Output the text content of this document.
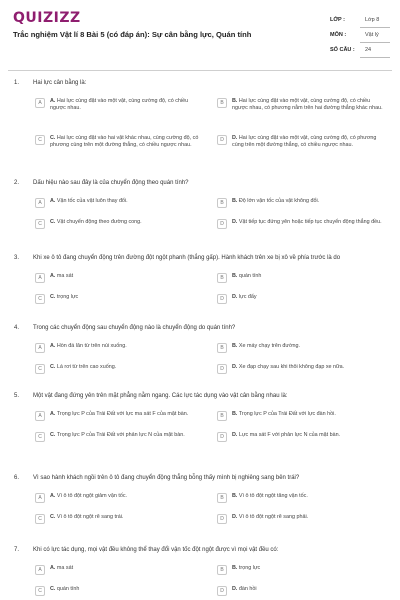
QUIZIZZ
Trắc nghiệm Vật lí 8 Bài 5 (có đáp án): Sự cân bằng lực, Quán tính
LỚP :	Lớp 8
MÔN :	Vật lý
SỐ CÂU : 24
1. Hai lực cân bằng là:
A	A. Hai lực cùng đặt vào một vật, cùng cường độ, có chiều ngược nhau.
B	B. Hai lực cùng đặt vào một vật, cùng cường độ, có chiều ngược nhau, có phương nằm trên hai đường thẳng khác nhau.
C	C. Hai lực cùng đặt vào hai vật khác nhau, cùng cường độ, có phương cùng trên một đường thẳng, có chiều ngược nhau.
D	D. Hai lực cùng đặt vào một vật, cùng cường độ, có phương cùng trên một đường thẳng, có chiều ngược nhau.
2. Dấu hiệu nào sau đây là của chuyển động theo quán tính?
A	A. Vận tốc của vật luôn thay đổi.	B	B. Độ lớn vận tốc của vật không đổi.
C	C. Vật chuyển động theo đường cong.	D	D. Vật tiếp tục đứng yên hoặc tiếp tục chuyển động thẳng đều.
3. Khi xe ô tô đang chuyển động trên đường đột ngột phanh (thắng gấp). Hành khách trên xe bị xô về phía trước là do
A	A. ma sát	B	B. quán tính
C	C. trọng lực	D	D. lực đẩy
4. Trong các chuyển động sau chuyển động nào là chuyển động do quán tính?
A	A. Hòn đá lăn từ trên núi xuống.	B	B. Xe máy chạy trên đường.
C	C. Lá rơi từ trên cao xuống.	D	D. Xe đạp chạy sau khi thôi không đạp xe nữa.
5. Một vật đang đứng yên trên mặt phẳng nằm ngang. Các lực tác dụng vào vật cân bằng nhau là:
A	A. Trọng lực P của Trái Đất với lực ma sát F của mặt bàn.	B	B. Trọng lực P của Trái Đất với lực đàn hồi.
C	C. Trọng lực P của Trái Đất với phản lực N của mặt bàn.	D	D. Lực ma sát F với phản lực N của mặt bàn.
6. Vì sao hành khách ngồi trên ô tô đang chuyển động thẳng bỗng thấy mình bị nghiêng sang bên trái?
A	A. Vì ô tô đột ngột giảm vận tốc.	B	B. Vì ô tô đột ngột tăng vận tốc.
C	C. Vì ô tô đột ngột rẽ sang trái.	D	D. Vì ô tô đột ngột rẽ sang phải.
7. Khi có lực tác dụng, mọi vật đều không thể thay đổi vận tốc đột ngột được vì mọi vật đều có:
A	A. ma sát	B	B. trọng lực
C	C. quán tính	D	D. đàn hồi
